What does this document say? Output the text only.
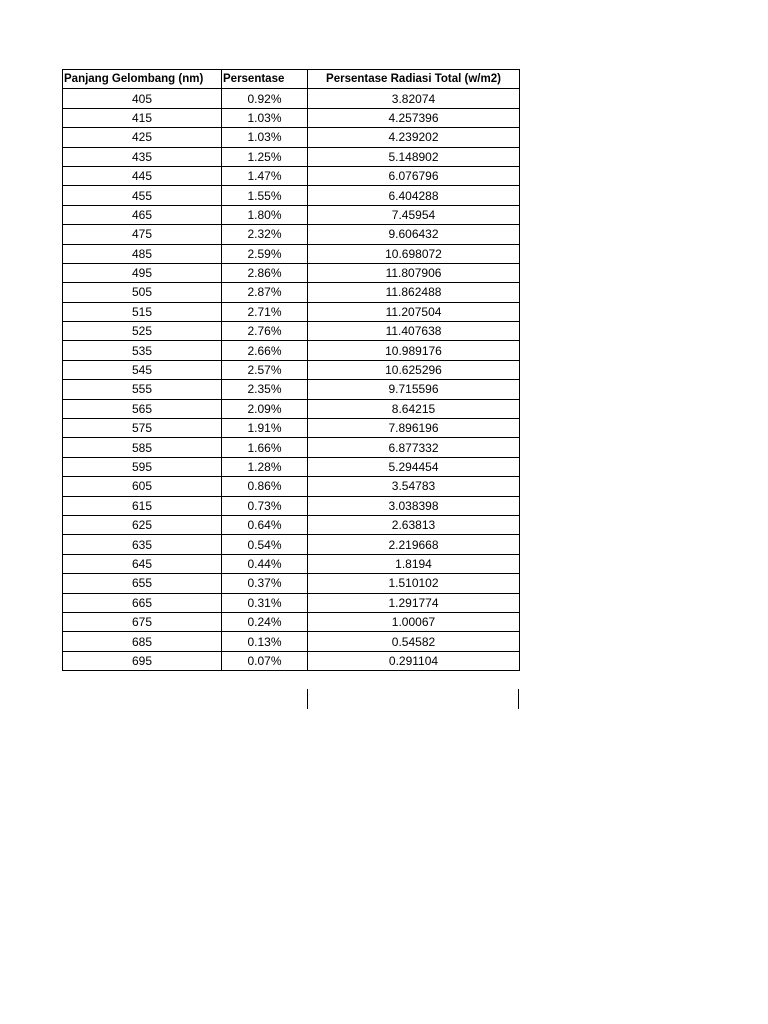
Panjang Gelombang (nm)	Persentase	Persentase Radiasi Total (w/m2)
405	0.92%	3.82074
415	1.03%	4.257396
425	1.03%	4.239202
435	1.25%	5.148902
445	1.47%	6.076796
455	1.55%	6.404288
465	1.80%	7.45954
475	2.32%	9.606432
485	2.59%	10.698072
495	2.86%	11.807906
505	2.87%	11.862488
515	2.71%	11.207504
525	2.76%	11.407638
535	2.66%	10.989176
545	2.57%	10.625296
555	2.35%	9.715596
565	2.09%	8.64215
575	1.91%	7.896196
585	1.66%	6.877332
595	1.28%	5.294454
605	0.86%	3.54783
615	0.73%	3.038398
625	0.64%	2.63813
635	0.54%	2.219668
645	0.44%	1.8194
655	0.37%	1.510102
665	0.31%	1.291774
675	0.24%	1.00067
685	0.13%	0.54582
695	0.07%	0.291104
